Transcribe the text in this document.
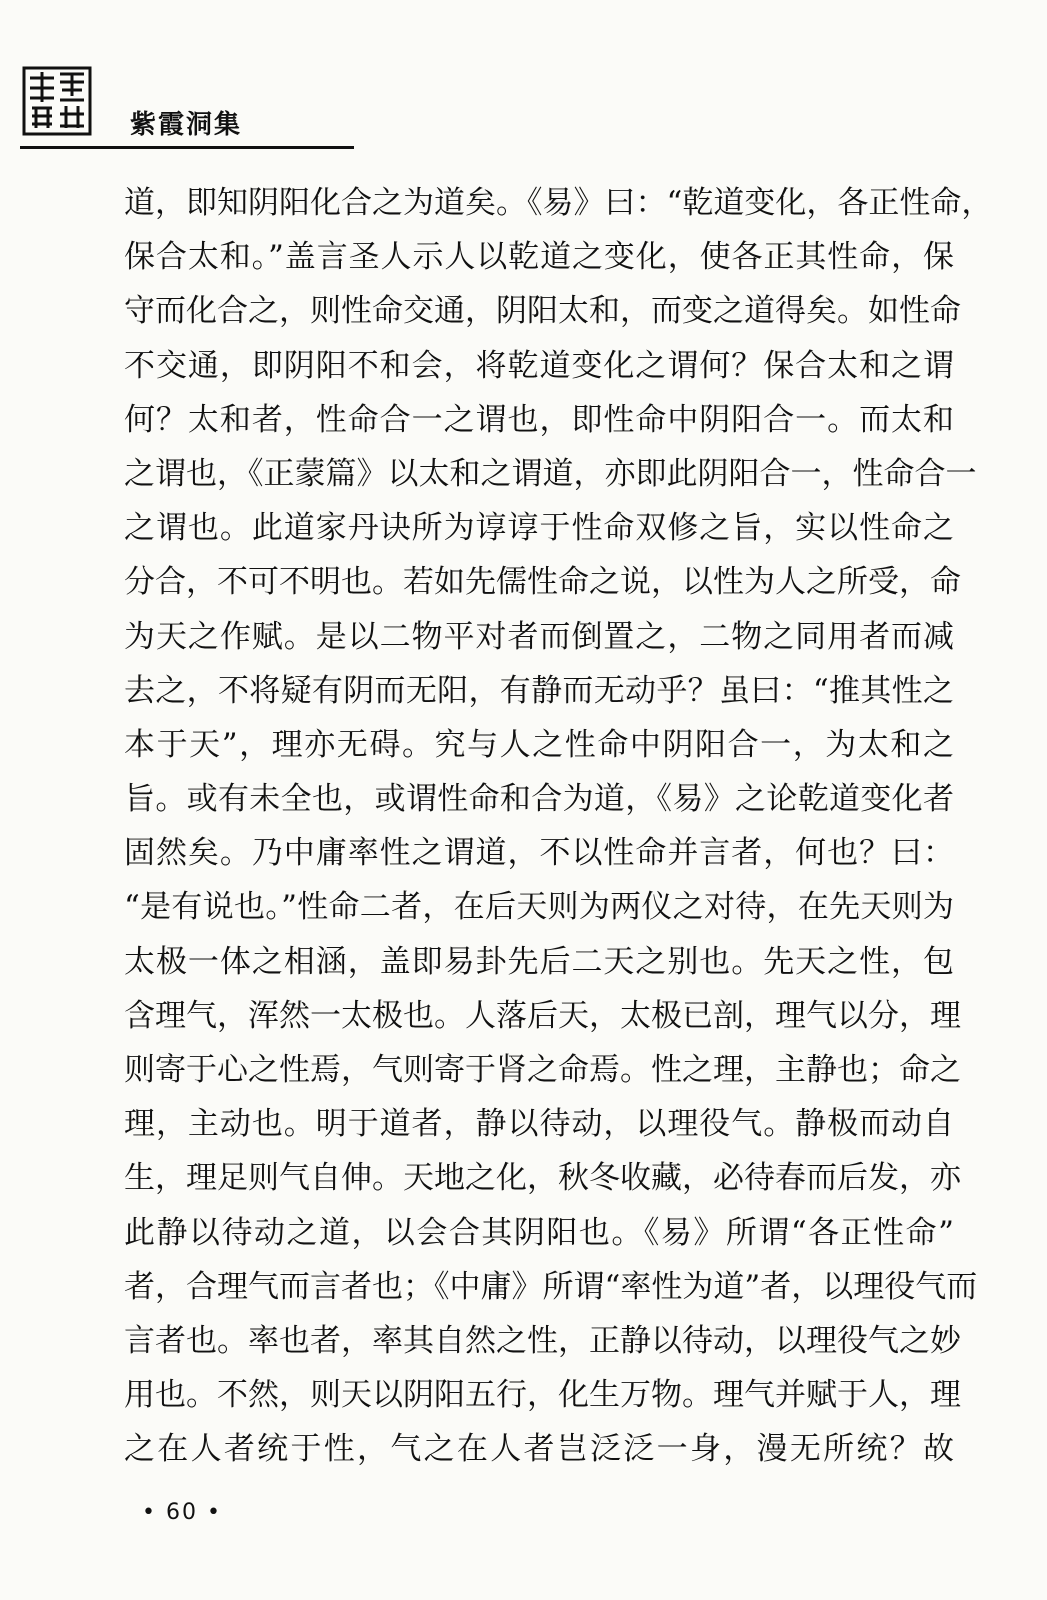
紫霞洞集
道，即知阴阳化合之为道矣。《易》曰：“乾道变化，各正性命，
保合太和。”盖言圣人示人以乾道之变化，使各正其性命，保
守而化合之，则性命交通，阴阳太和，而变之道得矣。如性命
不交通，即阴阳不和会，将乾道变化之谓何？保合太和之谓
何？太和者，性命合一之谓也，即性命中阴阳合一。而太和
之谓也，《正蒙篇》以太和之谓道，亦即此阴阳合一，性命合一
之谓也。此道家丹诀所为谆谆于性命双修之旨，实以性命之
分合，不可不明也。若如先儒性命之说，以性为人之所受，命
为天之作赋。是以二物平对者而倒置之，二物之同用者而减
去之，不将疑有阴而无阳，有静而无动乎？虽曰：“推其性之
本于天”，理亦无碍。究与人之性命中阴阳合一，为太和之
旨。或有未全也，或谓性命和合为道，《易》之论乾道变化者
固然矣。乃中庸率性之谓道，不以性命并言者，何也？曰：
“是有说也。”性命二者，在后天则为两仪之对待，在先天则为
太极一体之相涵，盖即易卦先后二天之别也。先天之性，包
含理气，浑然一太极也。人落后天，太极已剖，理气以分，理
则寄于心之性焉，气则寄于肾之命焉。性之理，主静也；命之
理，主动也。明于道者，静以待动，以理役气。静极而动自
生，理足则气自伸。天地之化，秋冬收藏，必待春而后发，亦
此静以待动之道，以会合其阴阳也。《易》所谓“各正性命”
者，合理气而言者也；《中庸》所谓“率性为道”者，以理役气而
言者也。率也者，率其自然之性，正静以待动，以理役气之妙
用也。不然，则天以阴阳五行，化生万物。理气并赋于人，理
之在人者统于性，气之在人者岂泛泛一身，漫无所统？故
• 60 •
